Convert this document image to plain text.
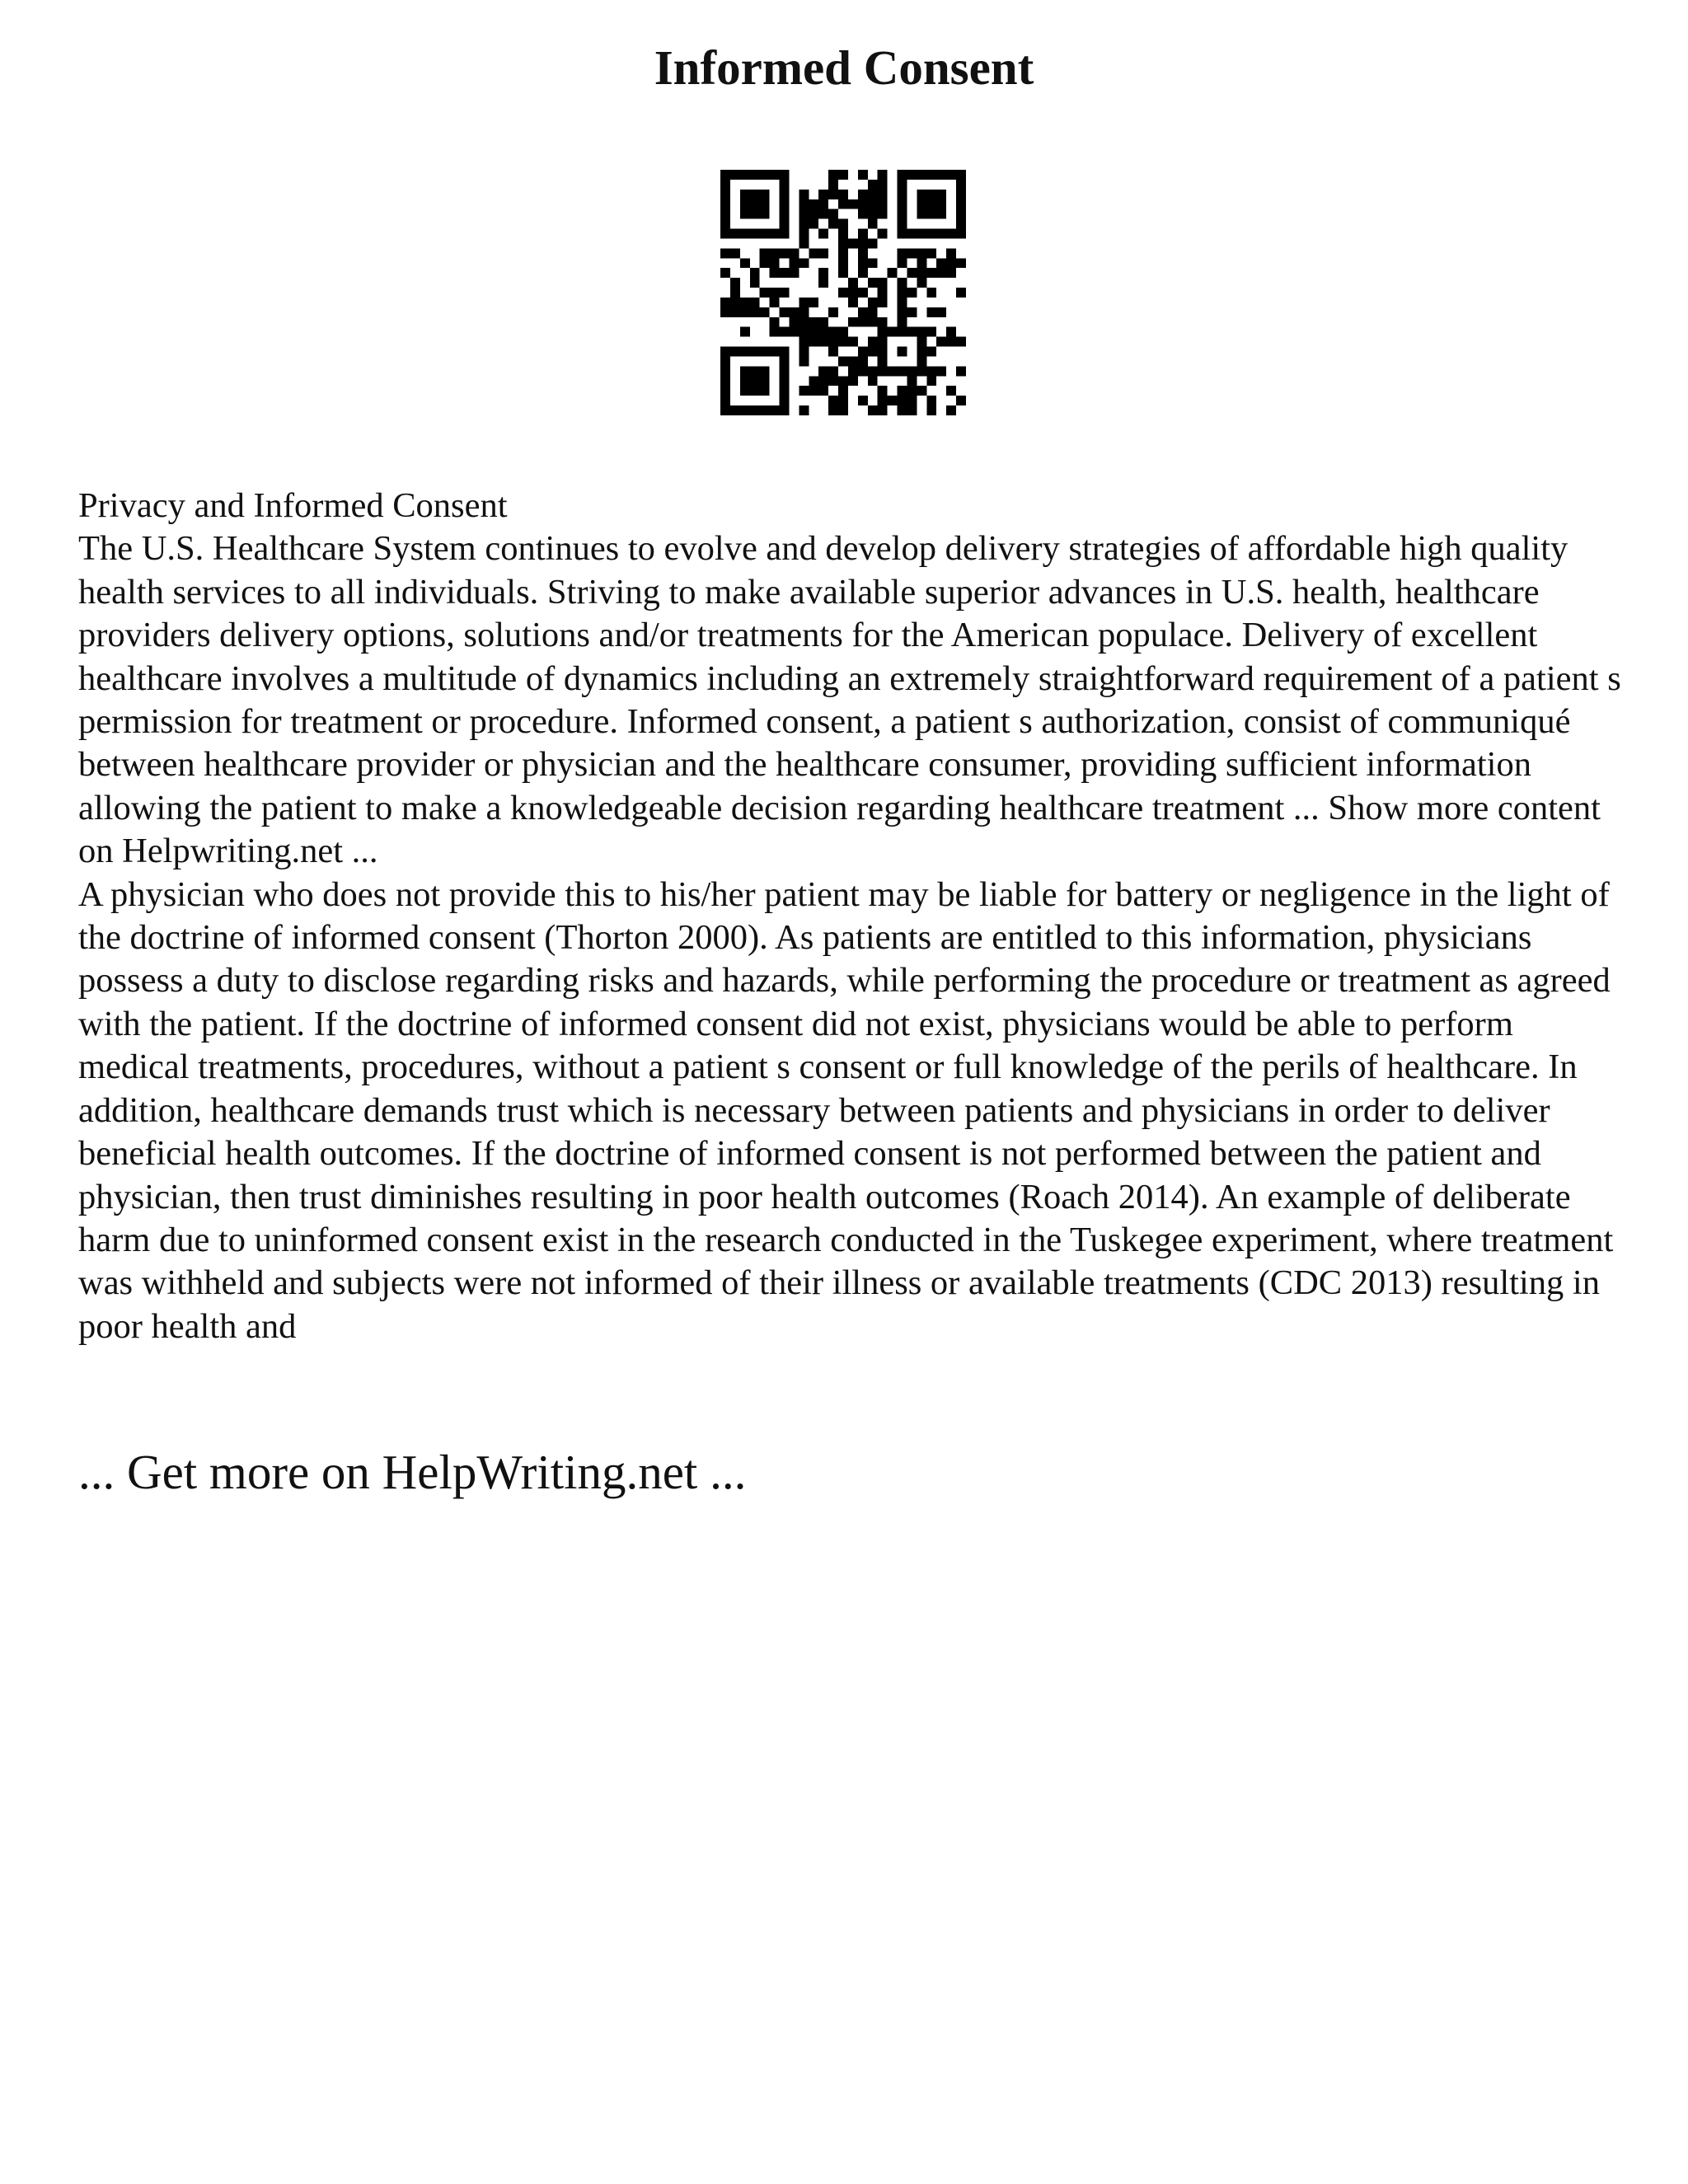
Informed Consent

Privacy and Informed Consent

The U.S. Healthcare System continues to evolve and develop delivery strategies of affordable high quality health services to all individuals. Striving to make available superior advances in U.S. health, healthcare providers delivery options, solutions and/or treatments for the American populace. Delivery of excellent healthcare involves a multitude of dynamics including an extremely straightforward requirement of a patient s permission for treatment or procedure. Informed consent, a patient s authorization, consist of communiqué between healthcare provider or physician and the healthcare consumer, providing sufficient information allowing the patient to make a knowledgeable decision regarding healthcare treatment ... Show more content on Helpwriting.net ...

A physician who does not provide this to his/her patient may be liable for battery or negligence in the light of the doctrine of informed consent (Thorton 2000). As patients are entitled to this information, physicians possess a duty to disclose regarding risks and hazards, while performing the procedure or treatment as agreed with the patient. If the doctrine of informed consent did not exist, physicians would be able to perform medical treatments, procedures, without a patient s consent or full knowledge of the perils of healthcare. In addition, healthcare demands trust which is necessary between patients and physicians in order to deliver beneficial health outcomes. If the doctrine of informed consent is not performed between the patient and physician, then trust diminishes resulting in poor health outcomes (Roach 2014). An example of deliberate harm due to uninformed consent exist in the research conducted in the Tuskegee experiment, where treatment was withheld and subjects were not informed of their illness or available treatments (CDC 2013) resulting in poor health and

... Get more on HelpWriting.net ...
